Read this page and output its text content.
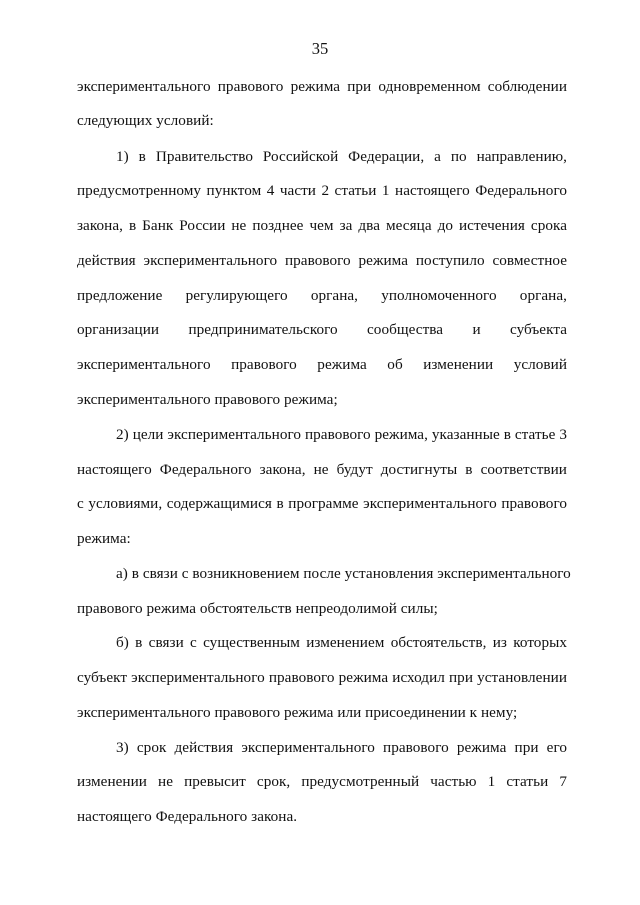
35
экспериментального правового режима при одновременном соблюдении
следующих условий:
1) в Правительство Российской Федерации, а по направлению,
предусмотренному пунктом 4 части 2 статьи 1 настоящего Федерального
закона, в Банк России не позднее чем за два месяца до истечения срока
действия экспериментального правового режима поступило совместное
предложение регулирующего органа, уполномоченного органа,
организации предпринимательского сообщества и субъекта
экспериментального правового режима об изменении условий
экспериментального правового режима;
2) цели экспериментального правового режима, указанные в статье 3
настоящего Федерального закона, не будут достигнуты в соответствии
с условиями, содержащимися в программе экспериментального правового
режима:
а) в связи с возникновением после установления экспериментального
правового режима обстоятельств непреодолимой силы;
б) в связи с существенным изменением обстоятельств, из которых
субъект экспериментального правового режима исходил при установлении
экспериментального правового режима или присоединении к нему;
3) срок действия экспериментального правового режима при его
изменении не превысит срок, предусмотренный частью 1 статьи 7
настоящего Федерального закона.
